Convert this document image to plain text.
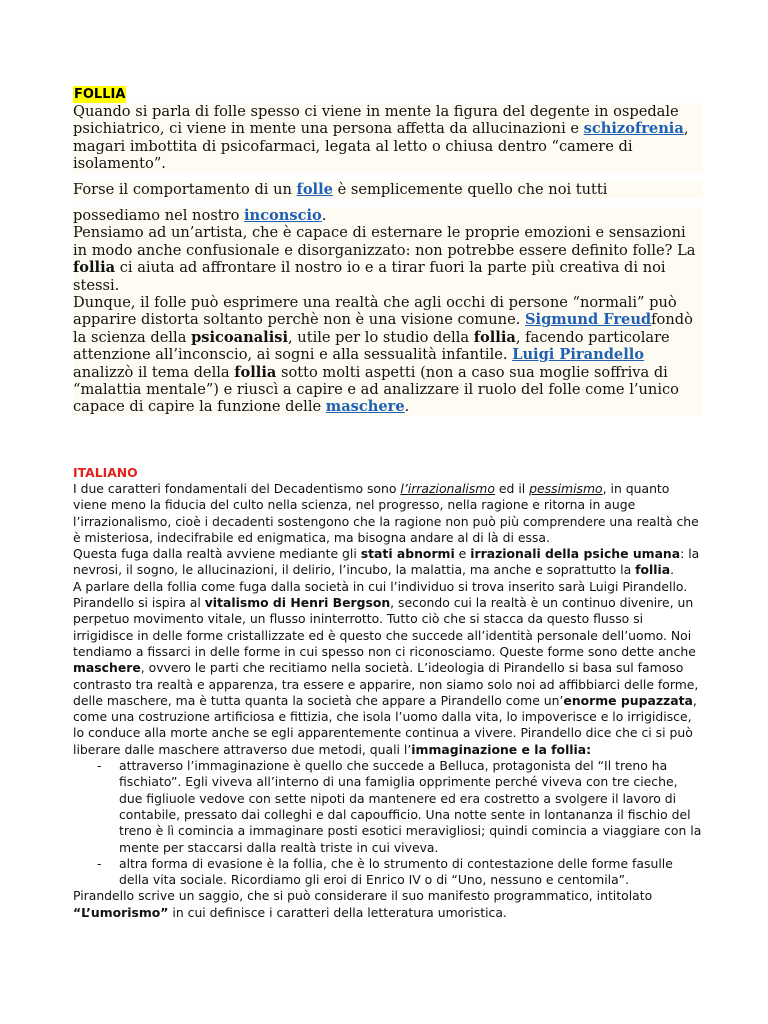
FOLLIA
Quando si parla di folle spesso ci viene in mente la figura del degente in ospedale psichiatrico, ci viene in mente una persona affetta da allucinazioni e schizofrenia, magari imbottita di psicofarmaci, legata al letto o chiusa dentro “camere di isolamento”.
Forse il comportamento di un folle è semplicemente quello che noi tutti
possediamo nel nostro inconscio.
Pensiamo ad un’artista, che è capace di esternare le proprie emozioni e sensazioni in modo anche confusionale e disorganizzato: non potrebbe essere definito folle? La follia ci aiuta ad affrontare il nostro io e a tirar fuori la parte più creativa di noi stessi.
Dunque, il folle può esprimere una realtà che agli occhi di persone “normali” può apparire distorta soltanto perchè non è una visione comune. Sigmund Freudfondò la scienza della psicoanalisi, utile per lo studio della follia, facendo particolare attenzione all’inconscio, ai sogni e alla sessualità infantile. Luigi Pirandello analizzò il tema della follia sotto molti aspetti (non a caso sua moglie soffriva di “malattia mentale”) e riuscì a capire e ad analizzare il ruolo del folle come l’unico capace di capire la funzione delle maschere.
ITALIANO

I due caratteri fondamentali del Decadentismo sono l’irrazionalismo ed il pessimismo, in quanto viene meno la fiducia del culto nella scienza, nel progresso, nella ragione e ritorna in auge l’irrazionalismo, cioè i decadenti sostengono che la ragione non può più comprendere una realtà che è misteriosa, indecifrabile ed enigmatica, ma bisogna andare al di là di essa.

Questa fuga dalla realtà avviene mediante gli stati abnormi e irrazionali della psiche umana: la nevrosi, il sogno, le allucinazioni, il delirio, l’incubo, la malattia, ma anche e soprattutto la follia.

A parlare della follia come fuga dalla società in cui l’individuo si trova inserito sarà Luigi Pirandello.

Pirandello si ispira al vitalismo di Henri Bergson, secondo cui la realtà è un continuo divenire, un perpetuo movimento vitale, un flusso ininterrotto. Tutto ciò che si stacca da questo flusso si irrigidisce in delle forme cristallizzate ed è questo che succede all’identità personale dell’uomo. Noi tendiamo a fissarci in delle forme in cui spesso non ci riconosciamo. Queste forme sono dette anche maschere, ovvero le parti che recitiamo nella società. L’ideologia di Pirandello si basa sul famoso contrasto tra realtà e apparenza, tra essere e apparire, non siamo solo noi ad affibbiarci delle forme, delle maschere, ma è tutta quanta la società che appare a Pirandello come un’enorme pupazzata, come una costruzione artificiosa e fittizia, che isola l’uomo dalla vita, lo impoverisce e lo irrigidisce, lo conduce alla morte anche se egli apparentemente continua a vivere. Pirandello dice che ci si può liberare dalle maschere attraverso due metodi, quali l’immaginazione e la follia:

- attraverso l’immaginazione è quello che succede a Belluca, protagonista del “Il treno ha fischiato”. Egli viveva all’interno di una famiglia opprimente perché viveva con tre cieche, due figliuole vedove con sette nipoti da mantenere ed era costretto a svolgere il lavoro di contabile, pressato dai colleghi e dal capoufficio. Una notte sente in lontananza il fischio del treno è lì comincia a immaginare posti esotici meravigliosi; quindi comincia a viaggiare con la mente per staccarsi dalla realtà triste in cui viveva.
- altra forma di evasione è la follia, che è lo strumento di contestazione delle forme fasulle della vita sociale. Ricordiamo gli eroi di Enrico IV o di “Uno, nessuno e centomila”.

Pirandello scrive un saggio, che si può considerare il suo manifesto programmatico, intitolato “L’umorismo” in cui definisce i caratteri della letteratura umoristica.
